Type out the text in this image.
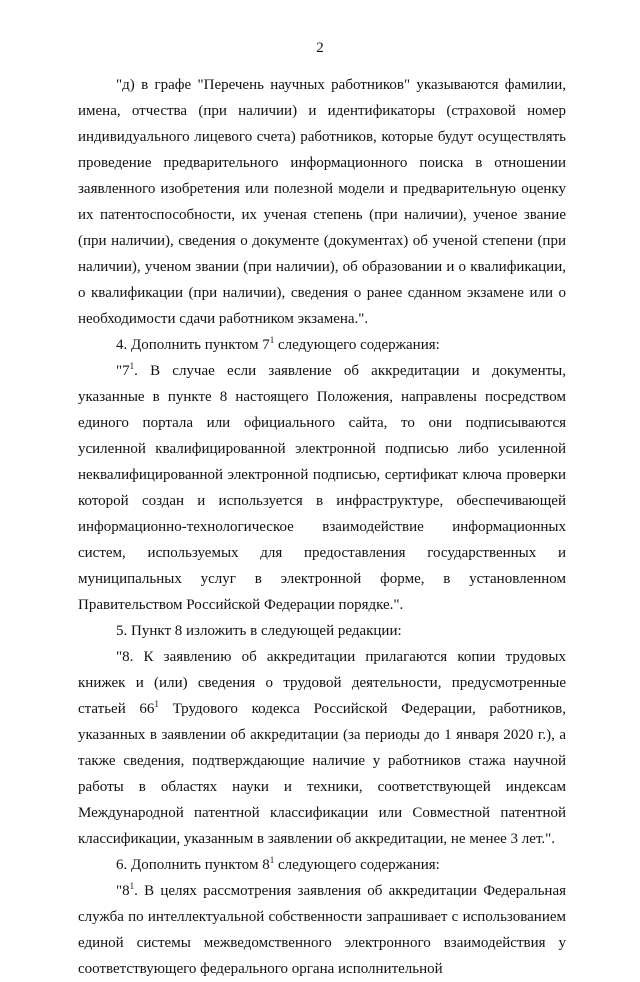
2

"д) в графе "Перечень научных работников" указываются фамилии, имена, отчества (при наличии) и идентификаторы (страховой номер индивидуального лицевого счета) работников, которые будут осуществлять проведение предварительного информационного поиска в отношении заявленного изобретения или полезной модели и предварительную оценку их патентоспособности, их ученая степень (при наличии), ученое звание (при наличии), сведения о документе (документах) об ученой степени (при наличии), ученом звании (при наличии), об образовании и о квалификации, о квалификации (при наличии), сведения о ранее сданном экзамене или о необходимости сдачи работником экзамена.".

4. Дополнить пунктом $7^1$ следующего содержания:

"$7^1$. В случае если заявление об аккредитации и документы, указанные в пункте 8 настоящего Положения, направлены посредством единого портала или официального сайта, то они подписываются усиленной квалифицированной электронной подписью либо усиленной неквалифицированной электронной подписью, сертификат ключа проверки которой создан и используется в инфраструктуре, обеспечивающей информационно-технологическое взаимодействие информационных систем, используемых для предоставления государственных и муниципальных услуг в электронной форме, в установленном Правительством Российской Федерации порядке.".

5. Пункт 8 изложить в следующей редакции:

"8. К заявлению об аккредитации прилагаются копии трудовых книжек и (или) сведения о трудовой деятельности, предусмотренные статьей $66^1$ Трудового кодекса Российской Федерации, работников, указанных в заявлении об аккредитации (за периоды до 1 января 2020 г.), а также сведения, подтверждающие наличие у работников стажа научной работы в областях науки и техники, соответствующей индексам Международной патентной классификации или Совместной патентной классификации, указанным в заявлении об аккредитации, не менее 3 лет.".

6. Дополнить пунктом $8^1$ следующего содержания:

"$8^1$. В целях рассмотрения заявления об аккредитации Федеральная служба по интеллектуальной собственности запрашивает с использованием единой системы межведомственного электронного взаимодействия у соответствующего федерального органа исполнительной
